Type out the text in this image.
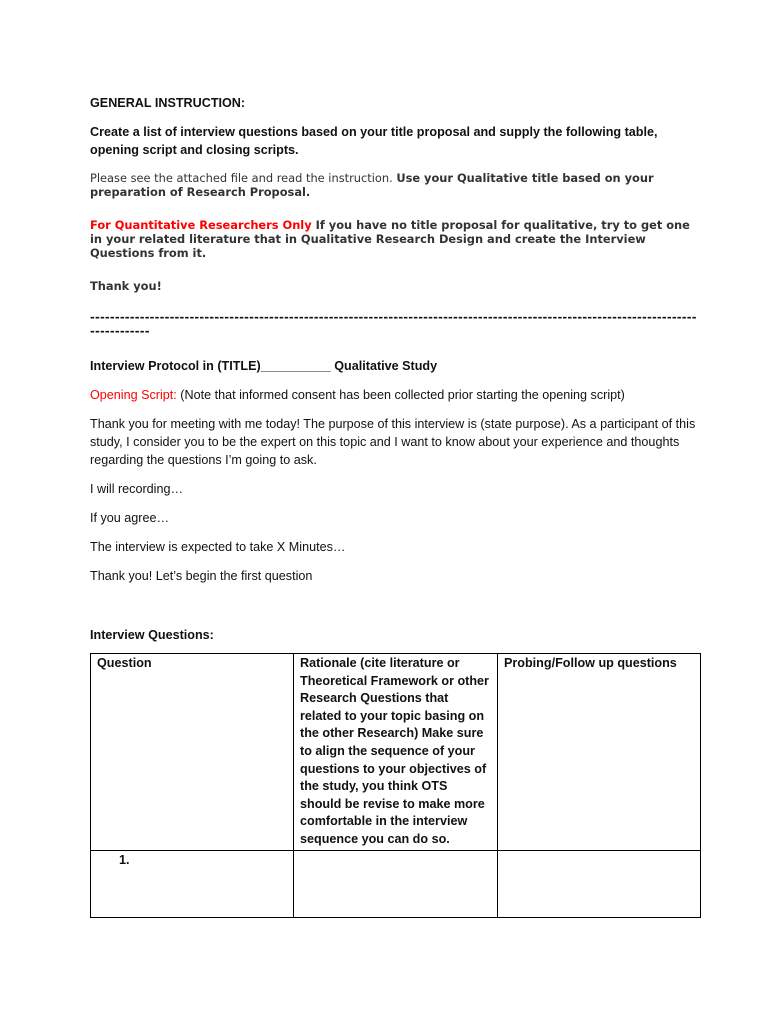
GENERAL INSTRUCTION:

Create a list of interview questions based on your title proposal and supply the following table, opening script and closing scripts.

Please see the attached file and read the instruction. Use your Qualitative title based on your preparation of Research Proposal.

For Quantitative Researchers Only If you have no title proposal for qualitative, try to get one in your related literature that in Qualitative Research Design and create the Interview Questions from it.

Thank you!

--------------------------------------------------------------------------------------------------------------------------------------

Interview Protocol in (TITLE)__________ Qualitative Study

Opening Script: (Note that informed consent has been collected prior starting the opening script)

Thank you for meeting with me today! The purpose of this interview is (state purpose). As a participant of this study, I consider you to be the expert on this topic and I want to know about your experience and thoughts regarding the questions I’m going to ask.

I will recording…

If you agree…

The interview is expected to take X Minutes…

Thank you! Let’s begin the first question

Interview Questions:

Question	Rationale (cite literature or Theoretical Framework or other Research Questions that related to your topic basing on the other Research) Make sure to align the sequence of your questions to your objectives of the study, you think OTS should be revise to make more comfortable in the interview sequence you can do so.	Probing/Follow up questions
1.		
